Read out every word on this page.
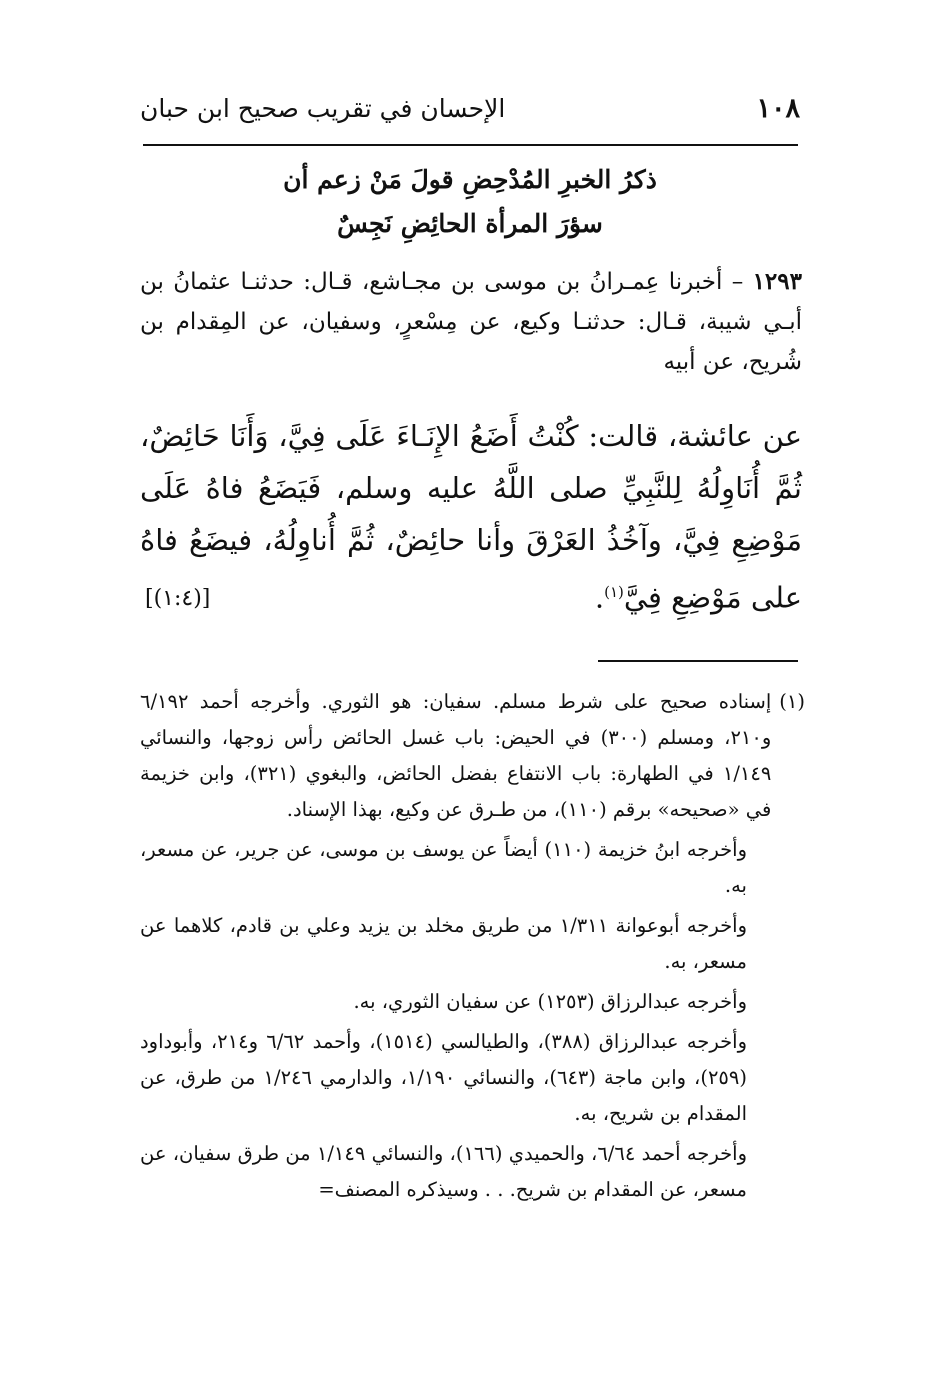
١٠٨
الإحسان في تقريب صحيح ابن حبان
ذكرُ الخبرِ المُدْحِضِ قولَ مَنْ زعم أن
سؤرَ المرأة الحائِضِ نَجِسٌ
١٢٩٣ – أخبرنا عِمـرانُ بن موسى بن مجـاشع، قـال: حدثنـا عثمانُ بن أبـي شيبة، قـال: حدثنـا وكيع، عن مِسْعرٍ، وسفيان، عن المِقدام بن شُريح، عن أبيه
عن عائشة، قالت: كُنْتُ أَضَعُ الإِنَـاءَ عَلَى فِيَّ، وَأَنَا حَائِضٌ، ثُمَّ أُنَاوِلُهُ لِلنَّبِيِّ صلى اللَّهُ عليه وسلم، فَيَضَعُ فاهُ عَلَى مَوْضِعِ فِيَّ، وآخُذُ العَرْقَ وأنا حائِضٌ، ثُمَّ أُناوِلُهُ، فيضَعُ فاهُ على مَوْضِعِ فِيَّ$^{(١)}$.
[(١:٤)]
(١)
إسناده صحيح على شرط مسلم. سفيان: هو الثوري. وأخرجه أحمد ٦/١٩٢ و٢١٠، ومسلم (٣٠٠) في الحيض: باب غسل الحائض رأس زوجها، والنسائي ١/١٤٩ في الطهارة: باب الانتفاع بفضل الحائض، والبغوي (٣٢١)، وابن خزيمة في «صحيحه» برقم (١١٠)، من طـرق عن وكيع، بهذا الإسناد.
وأخرجه ابنُ خزيمة (١١٠) أيضاً عن يوسف بن موسى، عن جرير، عن مسعر، به.
وأخرجه أبوعوانة ١/٣١١ من طريق مخلد بن يزيد وعلي بن قادم، كلاهما عن مسعر، به.
وأخرجه عبدالرزاق (١٢٥٣) عن سفيان الثوري، به.
وأخرجه عبدالرزاق (٣٨٨)، والطيالسي (١٥١٤)، وأحمد ٦/٦٢ و٢١٤، وأبوداود (٢٥٩)، وابن ماجة (٦٤٣)، والنسائي ١/١٩٠، والدارمي ١/٢٤٦ من طرق، عن المقدام بن شريح، به.
وأخرجه أحمد ٦/٦٤، والحميدي (١٦٦)، والنسائي ١/١٤٩ من طرق سفيان، عن مسعر، عن المقدام بن شريح. . . وسيذكره المصنف=
